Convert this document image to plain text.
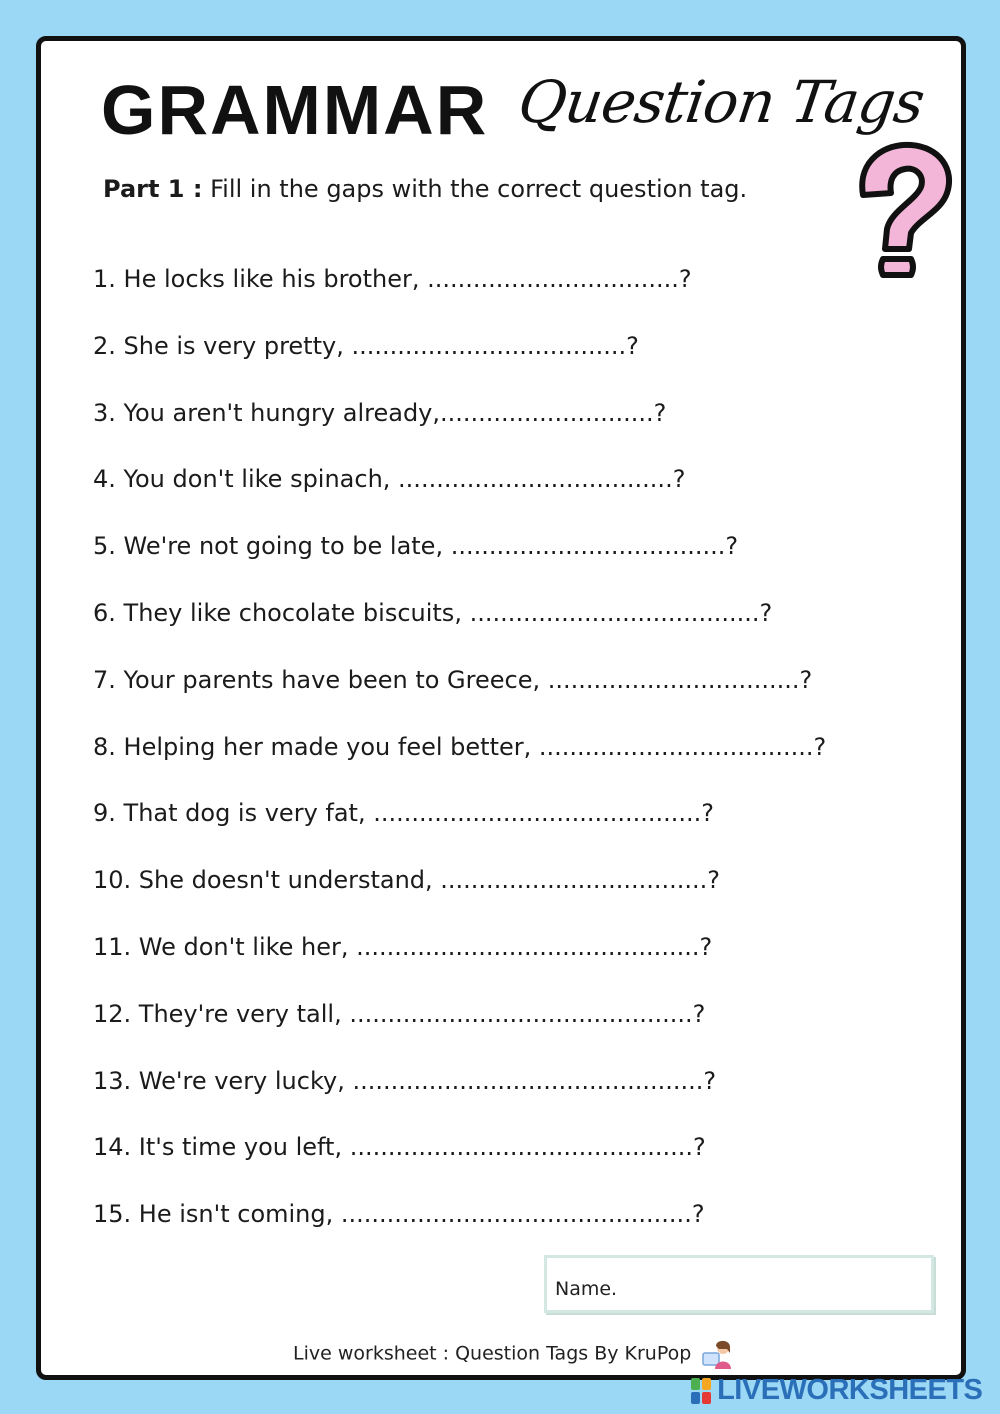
GRAMMAR Question Tags
Part 1 : Fill in the gaps with the correct question tag.
1. He locks like his brother, .................................?
2. She is very pretty, ....................................?
3. You aren't hungry already,............................?
4. You don't like spinach, ....................................?
5. We're not going to be late, ....................................?
6. They like chocolate biscuits, ......................................?
7. Your parents have been to Greece, .................................?
8. Helping her made you feel better, ....................................?
9. That dog is very fat, ...........................................?
10. She doesn't understand, ...................................?
11. We don't like her, .............................................?
12. They're very tall, .............................................?
13. We're very lucky, ..............................................?
14. It's time you left, .............................................?
15. He isn't coming, ..............................................?
Name.
Live worksheet : Question Tags By KruPop
LIVEWORKSHEETS
